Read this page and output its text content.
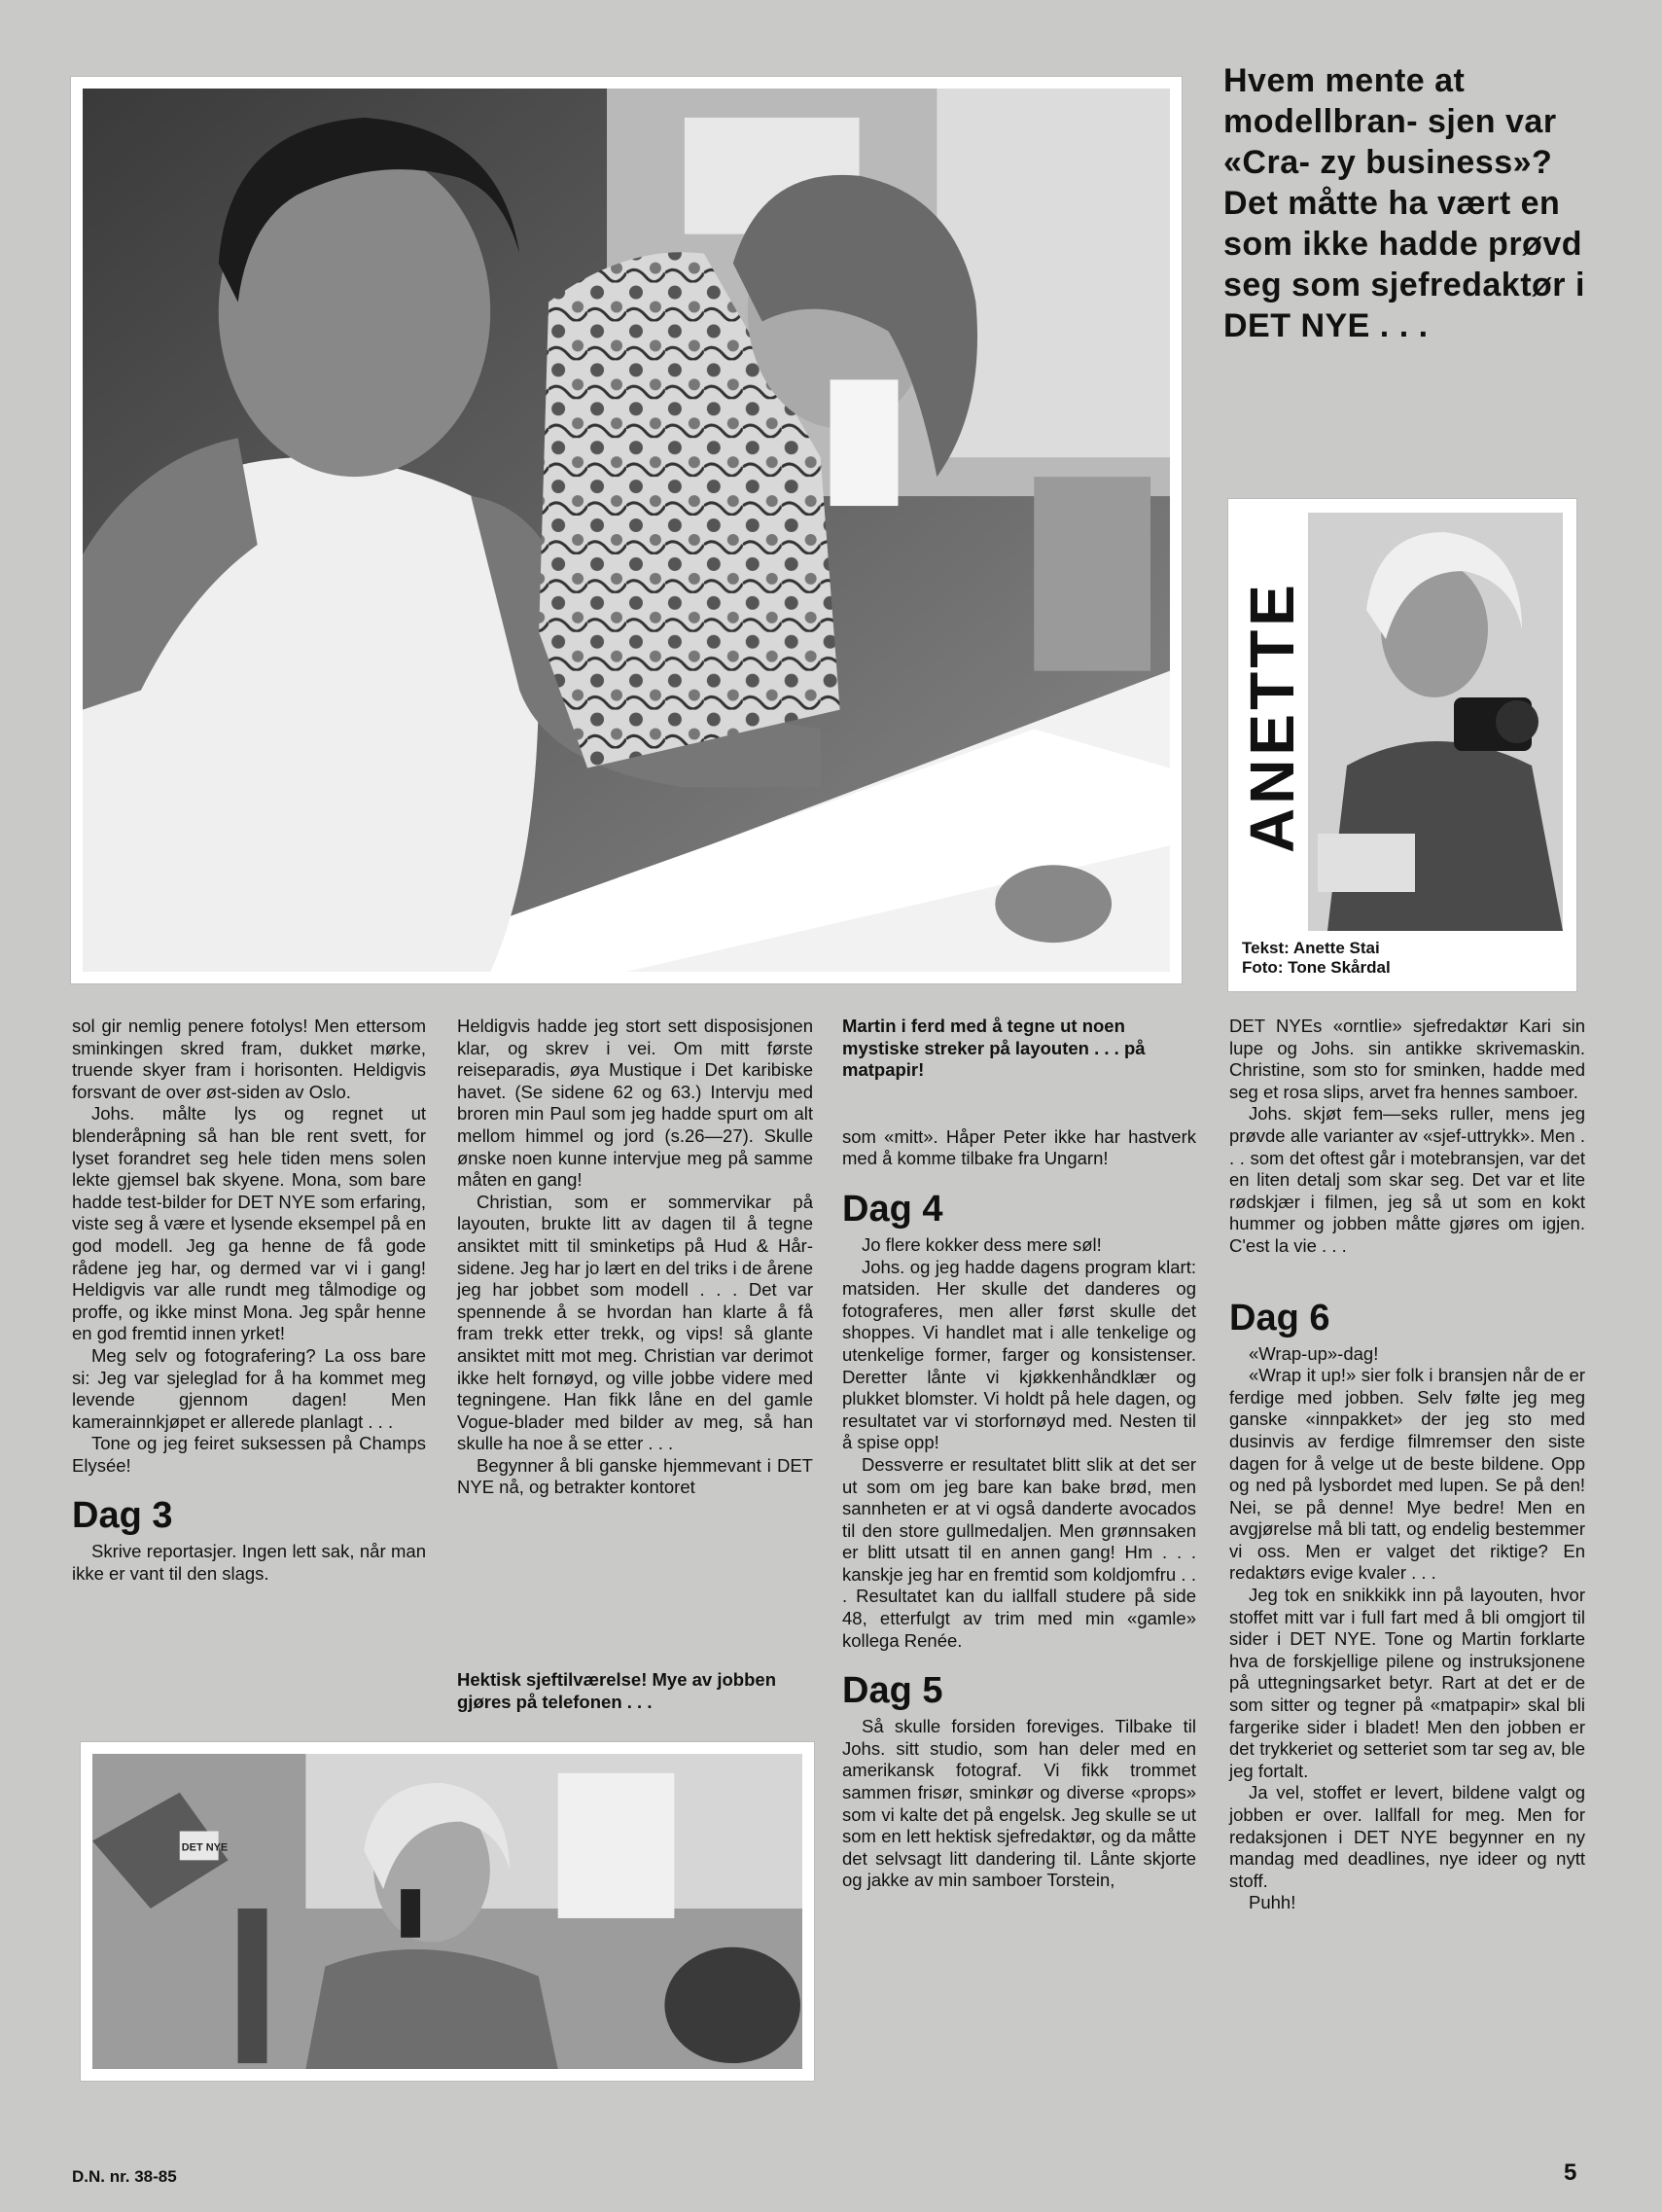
Hvem mente at modellbran- sjen var «Cra- zy business»? Det måtte ha vært en som ikke hadde prøvd seg som sjefredaktør i DET NYE . . .
ANETTE
Tekst: Anette Stai
Foto: Tone Skårdal

sol gir nemlig penere fotolys! Men ettersom sminkingen skred fram, dukket mørke, truende skyer fram i horisonten. Heldigvis forsvant de over øst-siden av Oslo.

Johs. målte lys og regnet ut blenderåpning så han ble rent svett, for lyset forandret seg hele tiden mens solen lekte gjemsel bak skyene. Mona, som bare hadde test-bilder for DET NYE som erfaring, viste seg å være et lysende eksempel på en god modell. Jeg ga henne de få gode rådene jeg har, og dermed var vi i gang! Heldigvis var alle rundt meg tålmodige og proffe, og ikke minst Mona. Jeg spår henne en god fremtid innen yrket!

Meg selv og fotografering? La oss bare si: Jeg var sjeleglad for å ha kommet meg levende gjennom dagen! Men kamerainnkjøpet er allerede planlagt . . .

Tone og jeg feiret suksessen på Champs Elysée!

Dag 3

Skrive reportasjer. Ingen lett sak, når man ikke er vant til den slags.

Heldigvis hadde jeg stort sett disposisjonen klar, og skrev i vei. Om mitt første reiseparadis, øya Mustique i Det karibiske havet. (Se sidene 62 og 63.) Intervju med broren min Paul som jeg hadde spurt om alt mellom himmel og jord (s.26—27). Skulle ønske noen kunne intervjue meg på samme måten en gang!

Christian, som er sommervikar på layouten, brukte litt av dagen til å tegne ansiktet mitt til sminketips på Hud & Hår-sidene. Jeg har jo lært en del triks i de årene jeg har jobbet som modell . . . Det var spennende å se hvordan han klarte å få fram trekk etter trekk, og vips! så glante ansiktet mitt mot meg. Christian var derimot ikke helt fornøyd, og ville jobbe videre med tegningene. Han fikk låne en del gamle Vogue-blader med bilder av meg, så han skulle ha noe å se etter . . .

Begynner å bli ganske hjemmevant i DET NYE nå, og betrakter kontoret

Hektisk sjeftilværelse! Mye av jobben gjøres på telefonen . . .
DET NYE
Martin i ferd med å tegne ut noen mystiske streker på layouten . . . på matpapir!

som «mitt». Håper Peter ikke har hastverk med å komme tilbake fra Ungarn!

Dag 4

Jo flere kokker dess mere søl!

Johs. og jeg hadde dagens program klart: matsiden. Her skulle det danderes og fotograferes, men aller først skulle det shoppes. Vi handlet mat i alle tenkelige og utenkelige former, farger og konsistenser. Deretter lånte vi kjøkkenhåndklær og plukket blomster. Vi holdt på hele dagen, og resultatet var vi storfornøyd med. Nesten til å spise opp!

Dessverre er resultatet blitt slik at det ser ut som om jeg bare kan bake brød, men sannheten er at vi også danderte avocados til den store gullmedaljen. Men grønnsaken er blitt utsatt til en annen gang! Hm . . . kanskje jeg har en fremtid som koldjomfru . . . Resultatet kan du iallfall studere på side 48, etterfulgt av trim med min «gamle» kollega Renée.

Dag 5

Så skulle forsiden foreviges. Tilbake til Johs. sitt studio, som han deler med en amerikansk fotograf. Vi fikk trommet sammen frisør, sminkør og diverse «props» som vi kalte det på engelsk. Jeg skulle se ut som en lett hektisk sjefredaktør, og da måtte det selvsagt litt dandering til. Lånte skjorte og jakke av min samboer Torstein,

DET NYEs «orntlie» sjefredaktør Kari sin lupe og Johs. sin antikke skrivemaskin. Christine, som sto for sminken, hadde med seg et rosa slips, arvet fra hennes samboer.

Johs. skjøt fem—seks ruller, mens jeg prøvde alle varianter av «sjef-uttrykk». Men . . . som det oftest går i motebransjen, var det en liten detalj som skar seg. Det var et lite rødskjær i filmen, jeg så ut som en kokt hummer og jobben måtte gjøres om igjen. C'est la vie . . .

Dag 6

«Wrap-up»-dag!

«Wrap it up!» sier folk i bransjen når de er ferdige med jobben. Selv følte jeg meg ganske «innpakket» der jeg sto med dusinvis av ferdige filmremser den siste dagen for å velge ut de beste bildene. Opp og ned på lysbordet med lupen. Se på den! Nei, se på denne! Mye bedre! Men en avgjørelse må bli tatt, og endelig bestemmer vi oss. Men er valget det riktige? En redaktørs evige kvaler . . .

Jeg tok en snikkikk inn på layouten, hvor stoffet mitt var i full fart med å bli omgjort til sider i DET NYE. Tone og Martin forklarte hva de forskjellige pilene og instruksjonene på uttegningsarket betyr. Rart at det er de som sitter og tegner på «matpapir» skal bli fargerike sider i bladet! Men den jobben er det trykkeriet og setteriet som tar seg av, ble jeg fortalt.

Ja vel, stoffet er levert, bildene valgt og jobben er over. Iallfall for meg. Men for redaksjonen i DET NYE begynner en ny mandag med deadlines, nye ideer og nytt stoff.

Puhh!

D.N. nr. 38-85	5
